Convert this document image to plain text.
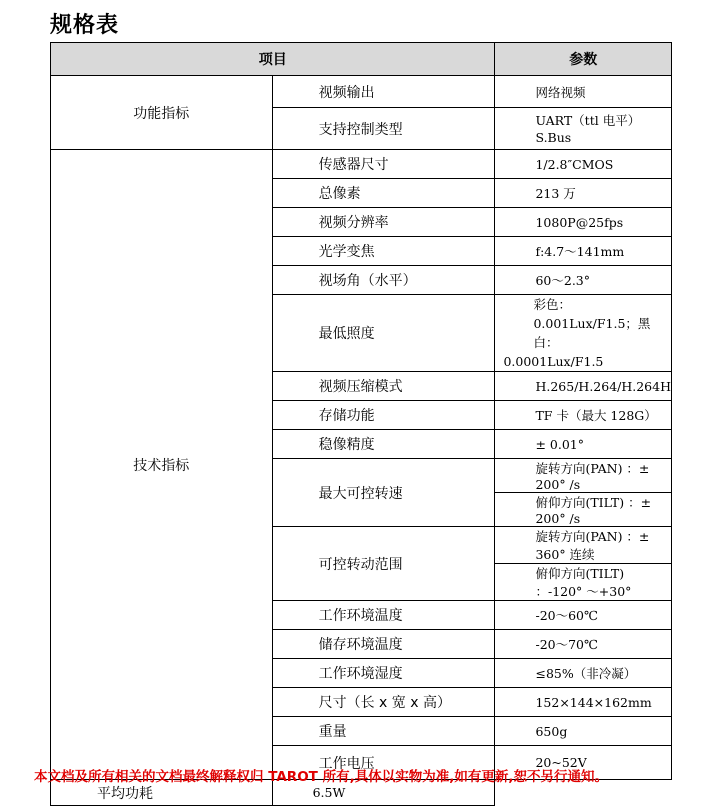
规格表
项目		参数
功能指标	视频输出	网络视频
	支持控制类型	UART（ttl 电平）
S.Bus

技术指标	传感器尺寸	1/2.8″CMOS
	总像素	213 万
	视频分辨率	1080P@25fps
	光学变焦	f:4.7～141mm
	视场角（水平）	60～2.3°
	最低照度	彩色：0.001Lux/F1.5；黑白：
0.0001Lux/F1.5
	视频压缩模式	H.265/H.264/H.264H
	存储功能	TF 卡（最大 128G）
	稳像精度	± 0.01°
	最大可控转速	旋转方向(PAN) ：± 200° /s
		俯仰方向(TILT) ：± 200° /s
	可控转动范围	旋转方向(PAN) ：± 360° 连续
		俯仰方向(TILT) ：-120° ～+30°
	工作环境温度	-20～60℃
	储存环境温度	-20～70℃
	工作环境湿度	≤85%（非冷凝）
	尺寸（长 x 宽 x 高）	152×144×162mm
	重量	650g
	工作电压	20~52V
平均功耗	6.5W	
本文档及所有相关的文档最终解释权归 TAROT 所有,具体以实物为准,如有更新,恕不另行通知。
